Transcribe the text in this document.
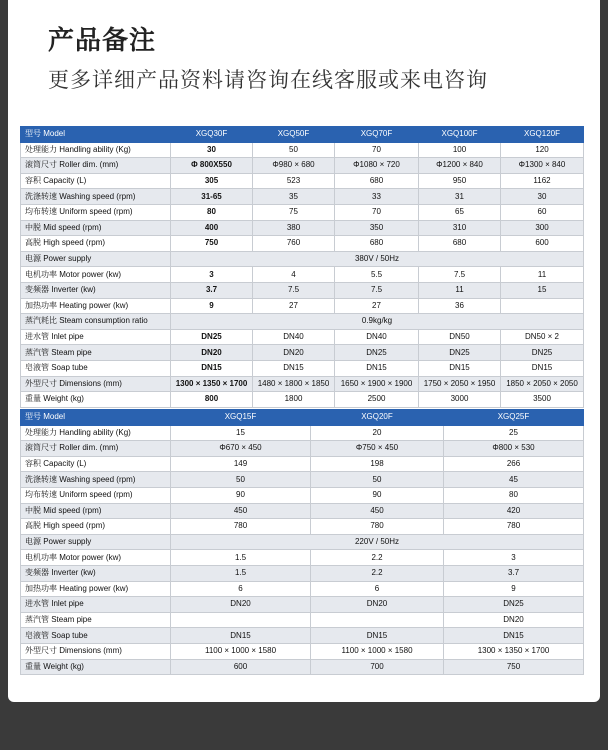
产品备注
更多详细产品资料请咨询在线客服或来电咨询
型号 Model	XGQ30F	XGQ50F	XGQ70F	XGQ100F	XGQ120F
处理能力 Handling ability (Kg)	30	50	70	100	120
滚筒尺寸 Roller dim. (mm)	Φ 800X550	Φ980 × 680	Φ1080 × 720	Φ1200 × 840	Φ1300 × 840
容积 Capacity (L)	305	523	680	950	1162
洗涤转速 Washing speed (rpm)	31-65	35	33	31	30
均布转速 Uniform speed (rpm)	80	75	70	65	60
中脱 Mid speed (rpm)	400	380	350	310	300
高脱 High speed (rpm)	750	760	680	680	600
电源 Power supply	380V / 50Hz				
电机功率 Motor power (kw)	3	4	5.5	7.5	11
变频器 Inverter (kw)	3.7	7.5	7.5	11	15
加热功率 Heating power (kw)	9	27	27	36	
蒸汽耗比 Steam consumption ratio	0.9kg/kg				
进水管 Inlet pipe	DN25	DN40	DN40	DN50	DN50 × 2
蒸汽管 Steam pipe	DN20	DN20	DN25	DN25	DN25
皂液管 Soap tube	DN15	DN15	DN15	DN15	DN15
外型尺寸 Dimensions (mm)	1300 × 1350 × 1700	1480 × 1800 × 1850	1650 × 1900 × 1900	1750 × 2050 × 1950	1850 × 2050 × 2050
重量 Weight (kg)	800	1800	2500	3000	3500
型号 Model	XGQ15F	XGQ20F	XGQ25F
处理能力 Handling ability (Kg)	15	20	25
滚筒尺寸 Roller dim. (mm)	Φ670 × 450	Φ750 × 450	Φ800 × 530
容积 Capacity (L)	149	198	266
洗涤转速 Washing speed (rpm)	50	50	45
均布转速 Uniform speed (rpm)	90	90	80
中脱 Mid speed (rpm)	450	450	420
高脱 High speed (rpm)	780	780	780
电源 Power supply	220V / 50Hz		
电机功率 Motor power (kw)	1.5	2.2	3
变频器 Inverter (kw)	1.5	2.2	3.7
加热功率 Heating power (kw)	6	6	9
进水管 Inlet pipe	DN20	DN20	DN25
蒸汽管 Steam pipe			DN20
皂液管 Soap tube	DN15	DN15	DN15
外型尺寸 Dimensions (mm)	1100 × 1000 × 1580	1100 × 1000 × 1580	1300 × 1350 × 1700
重量 Weight (kg)	600	700	750
